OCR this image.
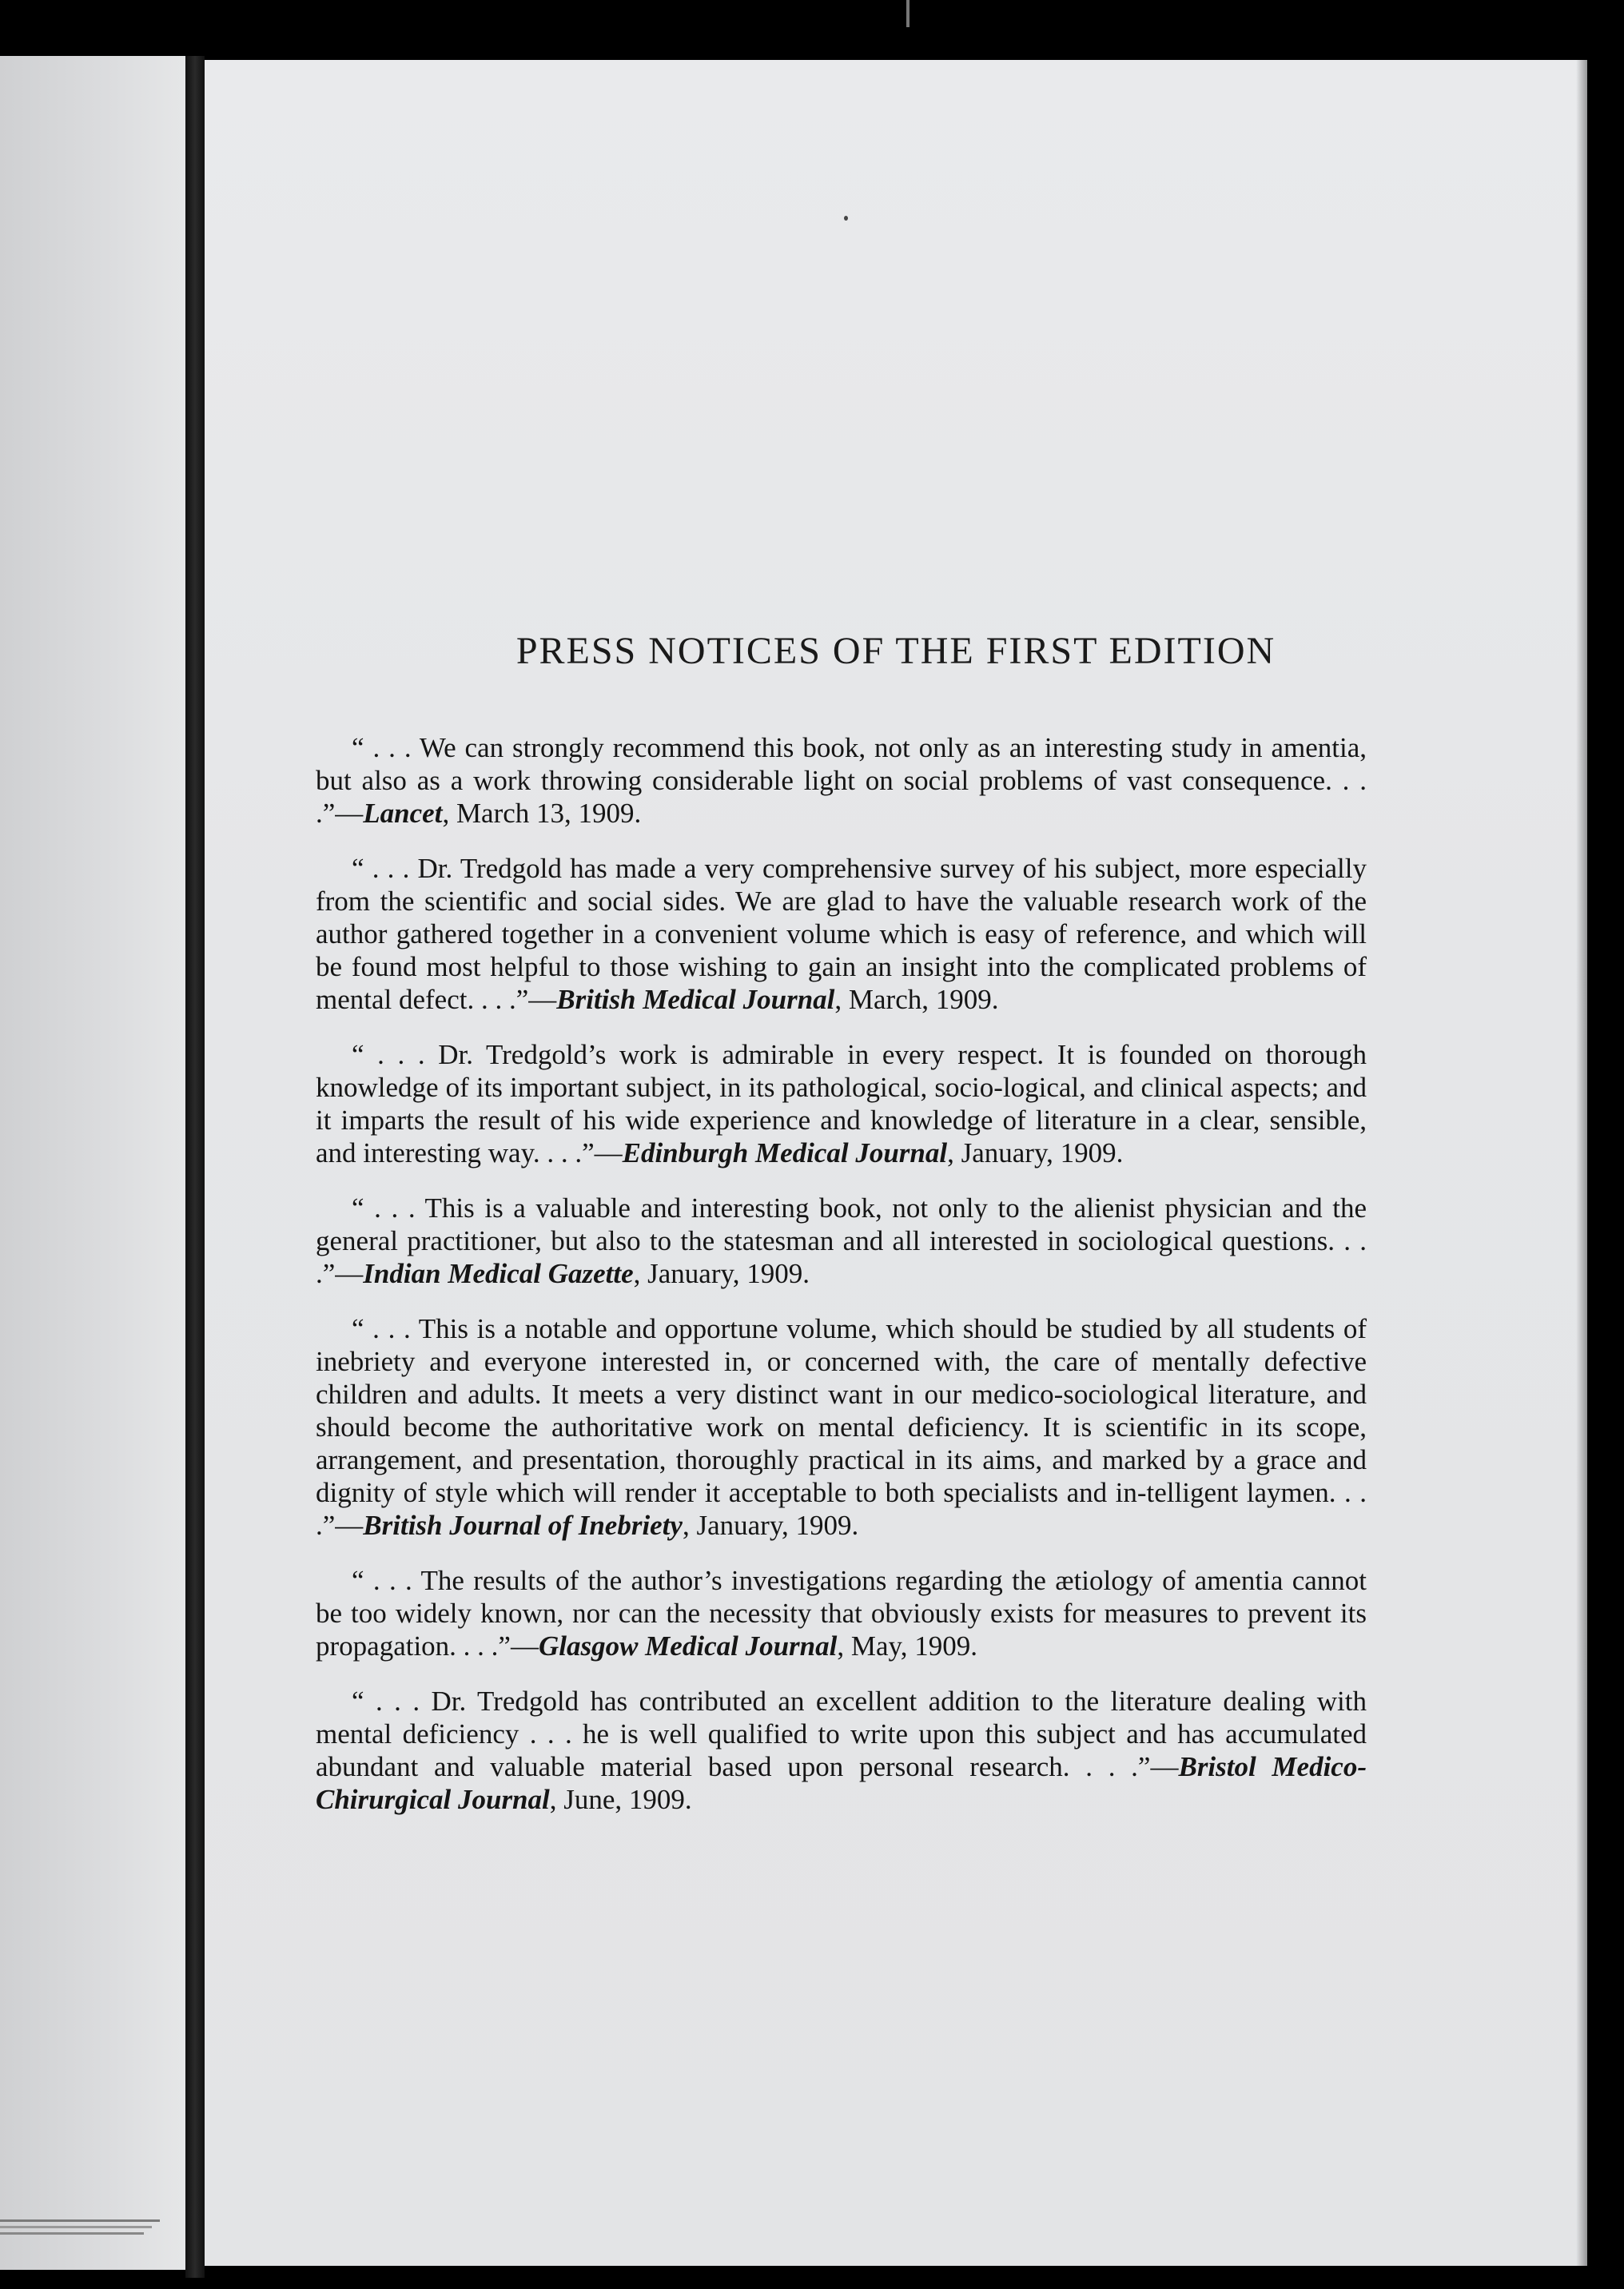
PRESS NOTICES OF THE FIRST EDITION

“ . . . We can strongly recommend this book, not only as an interesting study in amentia, but also as a work throwing considerable light on social problems of vast consequence. . . .”—Lancet, March 13, 1909.

“ . . . Dr. Tredgold has made a very comprehensive survey of his subject, more especially from the scientific and social sides. We are glad to have the valuable research work of the author gathered together in a convenient volume which is easy of reference, and which will be found most helpful to those wishing to gain an insight into the complicated problems of mental defect. . . .”—British Medical Journal, March, 1909.

“ . . . Dr. Tredgold’s work is admirable in every respect. It is founded on thorough knowledge of its important subject, in its pathological, socio-logical, and clinical aspects; and it imparts the result of his wide experience and knowledge of literature in a clear, sensible, and interesting way. . . .”—Edinburgh Medical Journal, January, 1909.

“ . . . This is a valuable and interesting book, not only to the alienist physician and the general practitioner, but also to the statesman and all interested in sociological questions. . . .”—Indian Medical Gazette, January, 1909.

“ . . . This is a notable and opportune volume, which should be studied by all students of inebriety and everyone interested in, or concerned with, the care of mentally defective children and adults. It meets a very distinct want in our medico-sociological literature, and should become the authoritative work on mental deficiency. It is scientific in its scope, arrangement, and presentation, thoroughly practical in its aims, and marked by a grace and dignity of style which will render it acceptable to both specialists and in-telligent laymen. . . .”—British Journal of Inebriety, January, 1909.

“ . . . The results of the author’s investigations regarding the ætiology of amentia cannot be too widely known, nor can the necessity that obviously exists for measures to prevent its propagation. . . .”—Glasgow Medical Journal, May, 1909.

“ . . . Dr. Tredgold has contributed an excellent addition to the literature dealing with mental deficiency . . . he is well qualified to write upon this subject and has accumulated abundant and valuable material based upon personal research. . . .”—Bristol Medico-Chirurgical Journal, June, 1909.
